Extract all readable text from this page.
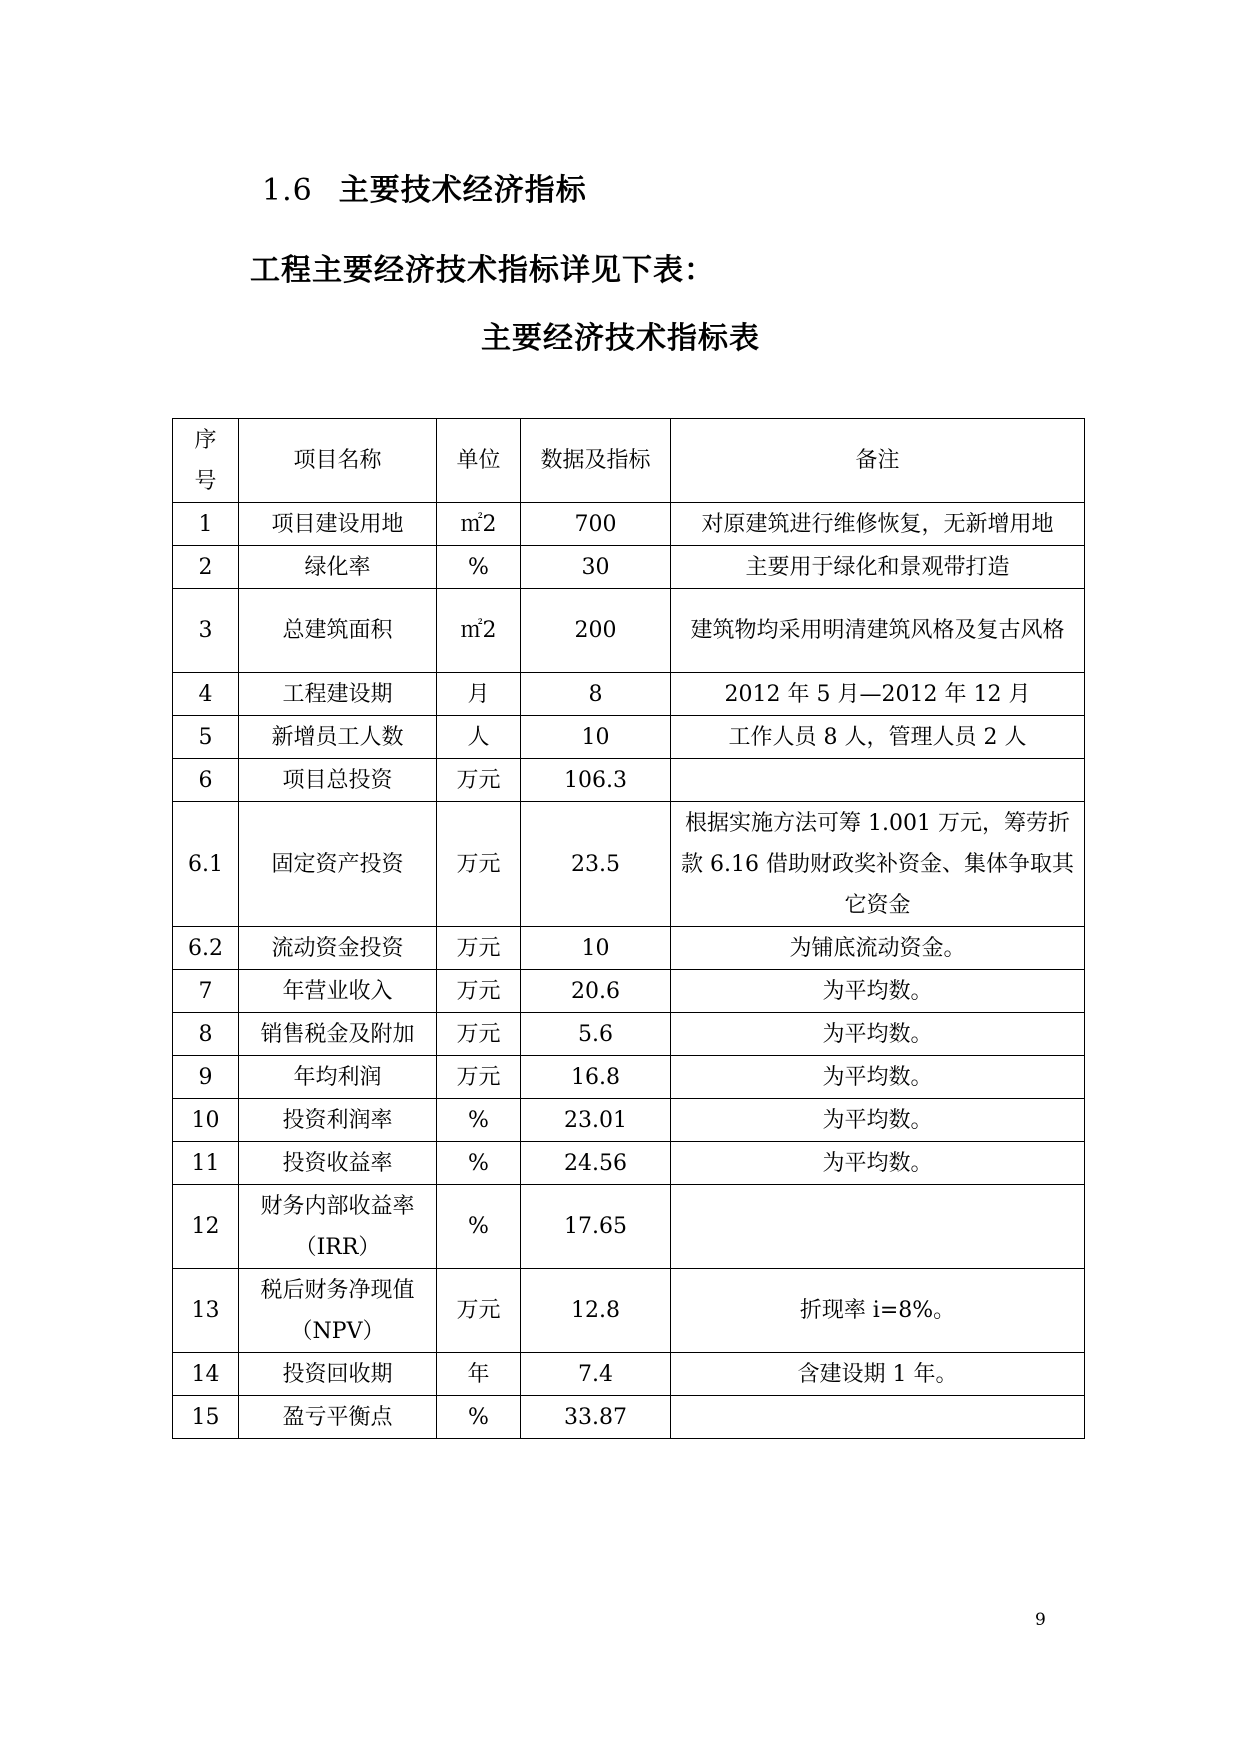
1.6 主要技术经济指标
工程主要经济技术指标详见下表：
主要经济技术指标表
序号	项目名称	单位	数据及指标	备注
1	项目建设用地	㎡2	700	对原建筑进行维修恢复，无新增用地
2	绿化率	%	30	主要用于绿化和景观带打造
3	总建筑面积	㎡2	200	建筑物均采用明清建筑风格及复古风格
4	工程建设期	月	8	2012 年 5 月—2012 年 12 月
5	新增员工人数	人	10	工作人员 8 人，管理人员 2 人
6	项目总投资	万元	106.3	
6.1	固定资产投资	万元	23.5	根据实施方法可筹 1.001 万元，筹劳折款 6.16 借助财政奖补资金、集体争取其它资金
6.2	流动资金投资	万元	10	为铺底流动资金。
7	年营业收入	万元	20.6	为平均数。
8	销售税金及附加	万元	5.6	为平均数。
9	年均利润	万元	16.8	为平均数。
10	投资利润率	%	23.01	为平均数。
11	投资收益率	%	24.56	为平均数。
12	财务内部收益率（IRR）	%	17.65	
13	税后财务净现值（NPV）	万元	12.8	折现率 i=8%。
14	投资回收期	年	7.4	含建设期 1 年。
15	盈亏平衡点	%	33.87	
9
